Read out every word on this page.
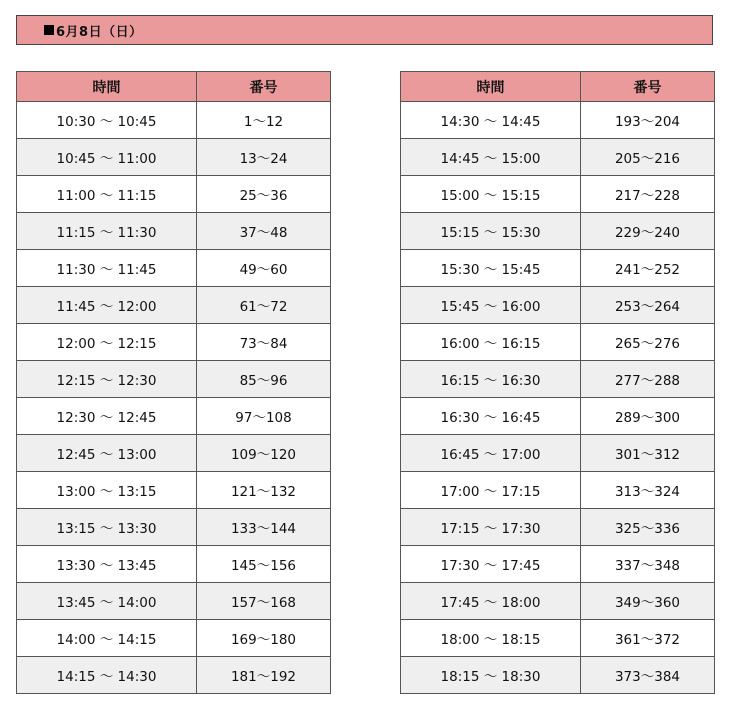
6月8日（日）
時間	番号
10:30 ～ 10:45	1～12
10:45 ～ 11:00	13～24
11:00 ～ 11:15	25～36
11:15 ～ 11:30	37～48
11:30 ～ 11:45	49～60
11:45 ～ 12:00	61～72
12:00 ～ 12:15	73～84
12:15 ～ 12:30	85～96
12:30 ～ 12:45	97～108
12:45 ～ 13:00	109～120
13:00 ～ 13:15	121～132
13:15 ～ 13:30	133～144
13:30 ～ 13:45	145～156
13:45 ～ 14:00	157～168
14:00 ～ 14:15	169～180
14:15 ～ 14:30	181～192
時間	番号
14:30 ～ 14:45	193～204
14:45 ～ 15:00	205～216
15:00 ～ 15:15	217～228
15:15 ～ 15:30	229～240
15:30 ～ 15:45	241～252
15:45 ～ 16:00	253～264
16:00 ～ 16:15	265～276
16:15 ～ 16:30	277～288
16:30 ～ 16:45	289～300
16:45 ～ 17:00	301～312
17:00 ～ 17:15	313～324
17:15 ～ 17:30	325～336
17:30 ～ 17:45	337～348
17:45 ～ 18:00	349～360
18:00 ～ 18:15	361～372
18:15 ～ 18:30	373～384
